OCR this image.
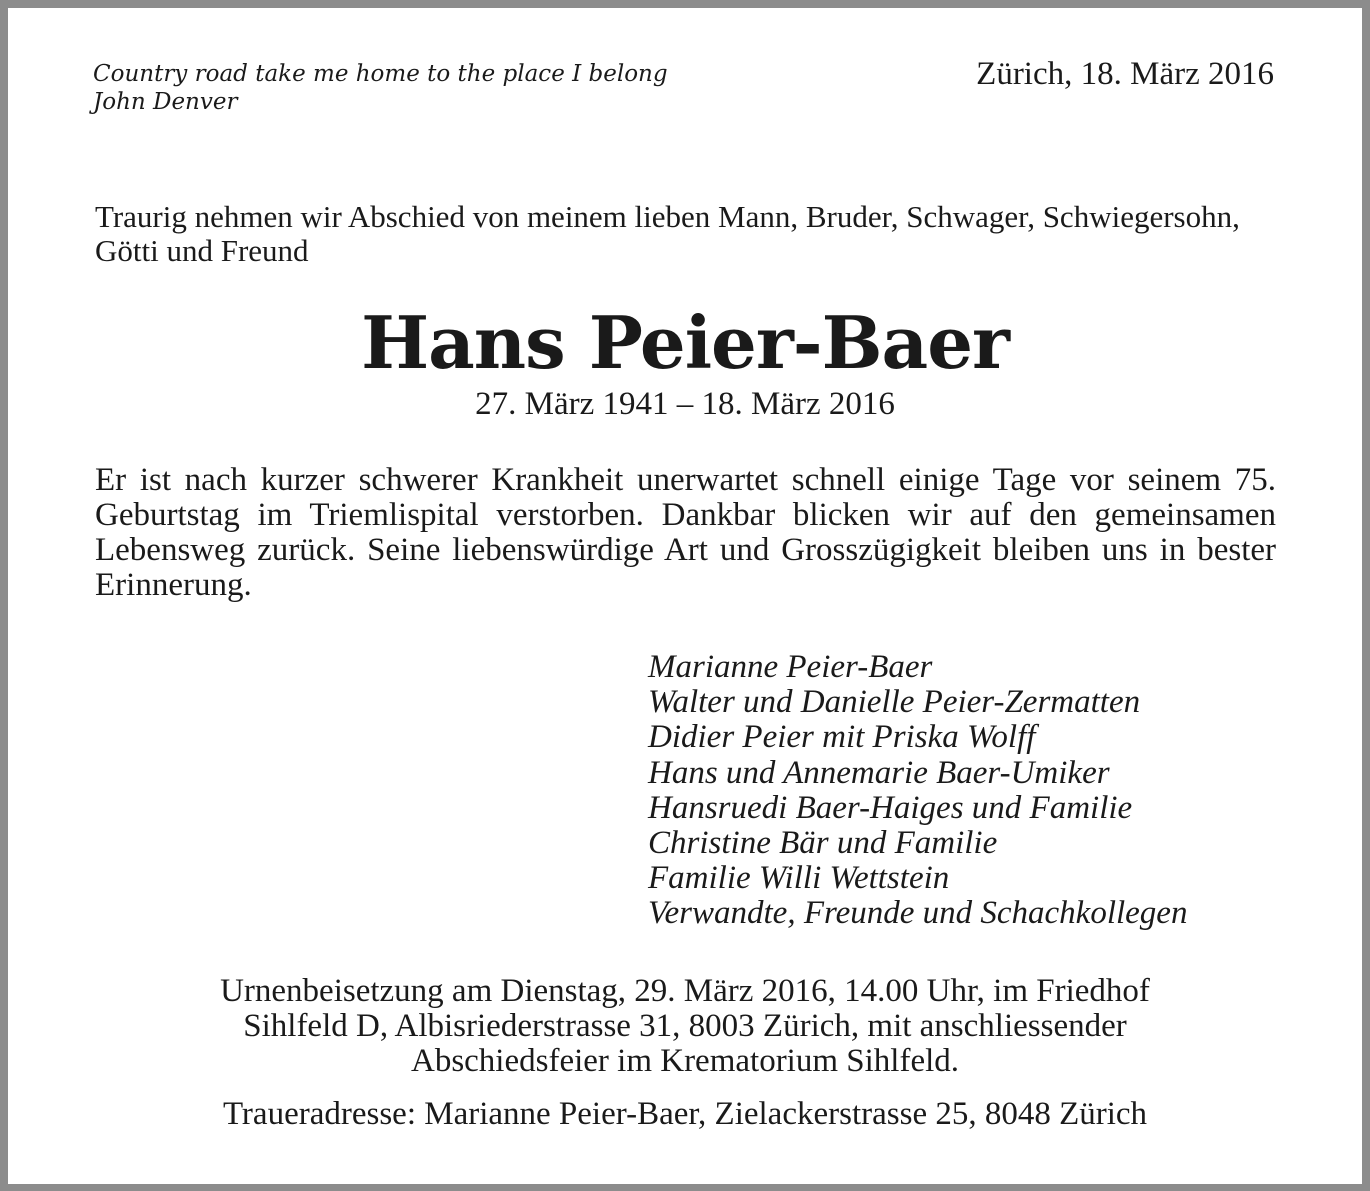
Country road take me home to the place I belong
John Denver
Zürich, 18. März 2016
Traurig nehmen wir Abschied von meinem lieben Mann, Bruder, Schwager, Schwiegersohn, Götti und Freund
Hans Peier-Baer
27. März 1941 – 18. März 2016
Er ist nach kurzer schwerer Krankheit unerwartet schnell einige Tage vor seinem 75. Geburtstag im Triemlispital verstorben. Dankbar blicken wir auf den gemeinsamen Lebensweg zurück. Seine liebenswürdige Art und Grosszügigkeit bleiben uns in bester Erinnerung.
Marianne Peier-Baer
Walter und Danielle Peier-Zermatten
Didier Peier mit Priska Wolff
Hans und Annemarie Baer-Umiker
Hansruedi Baer-Haiges und Familie
Christine Bär und Familie
Familie Willi Wettstein
Verwandte, Freunde und Schachkollegen
Urnenbeisetzung am Dienstag, 29. März 2016, 14.00 Uhr, im Friedhof
Sihlfeld D, Albisriederstrasse 31, 8003 Zürich, mit anschliessender
Abschiedsfeier im Krematorium Sihlfeld.
Traueradresse: Marianne Peier-Baer, Zielackerstrasse 25, 8048 Zürich
